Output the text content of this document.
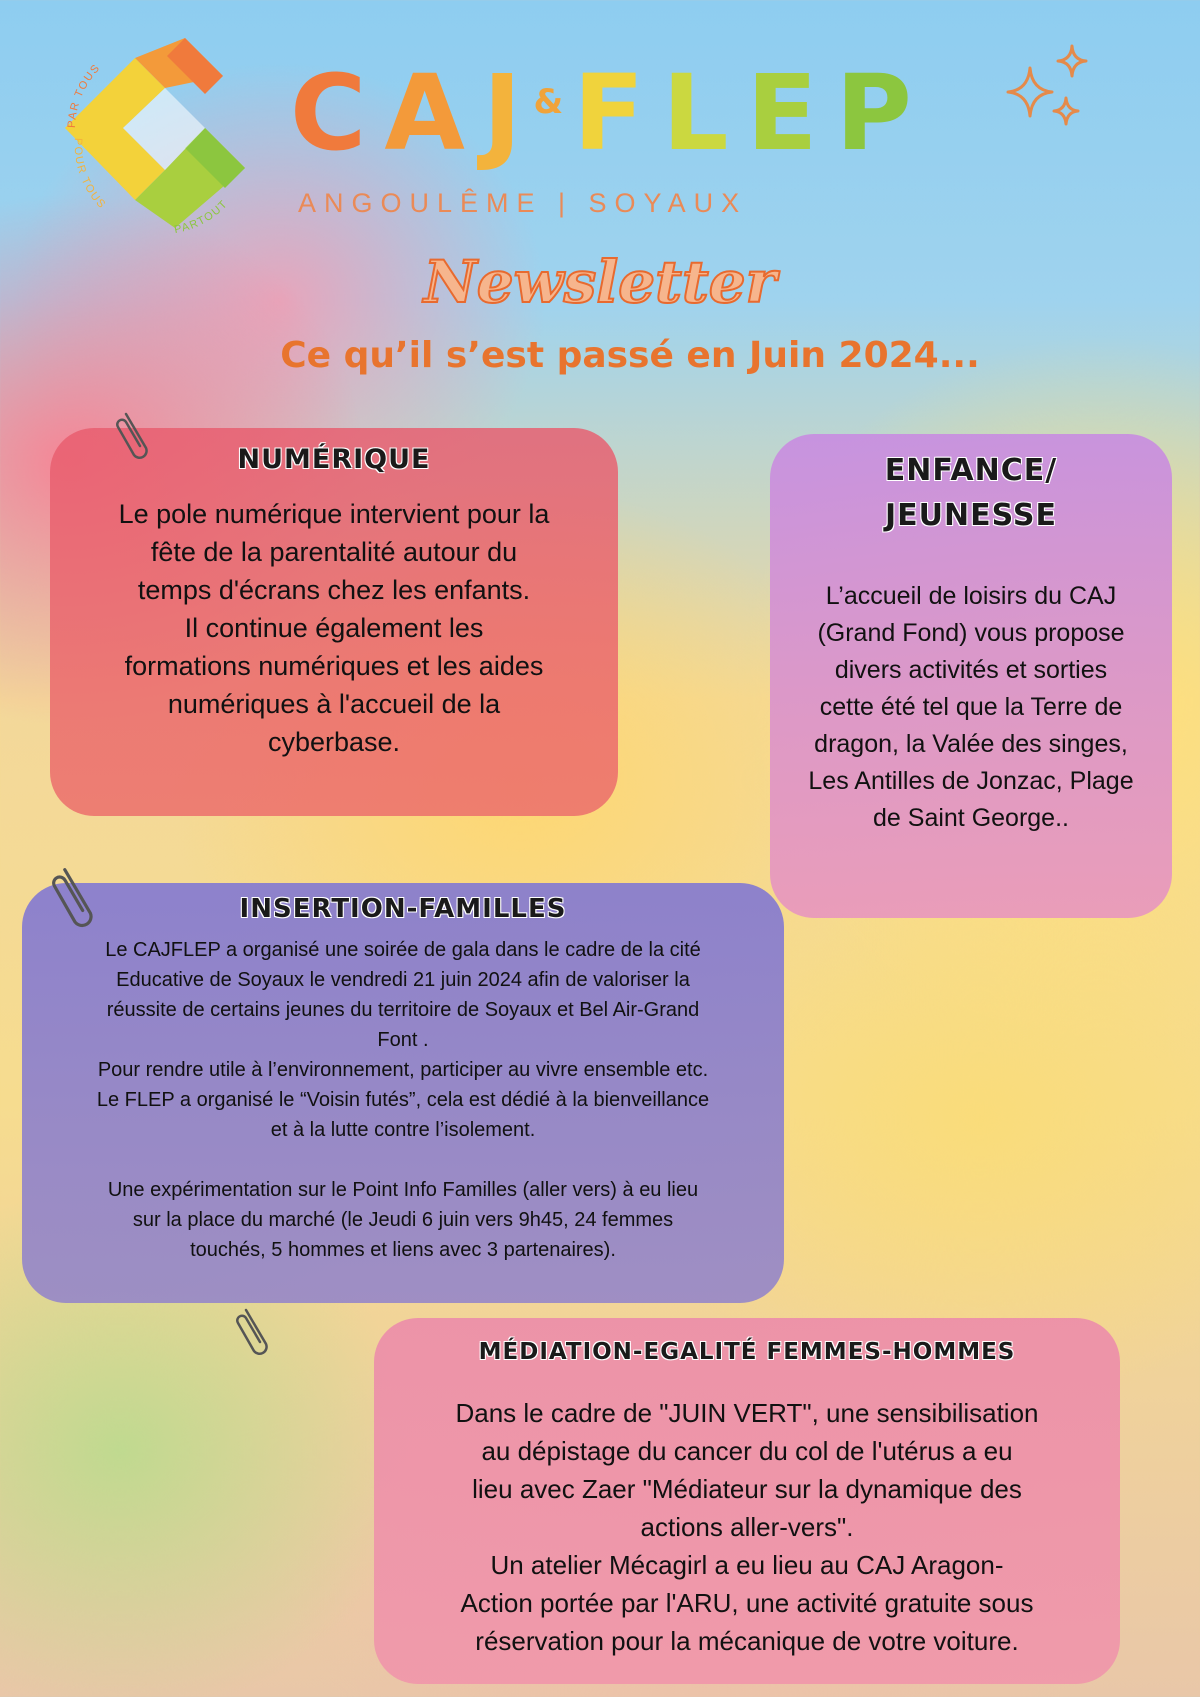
PAR TOUS
POUR TOUS
PARTOUT
C A J
& F L E P
ANGOULÊME | SOYAUX
Newsletter
Ce qu’il s’est passé en Juin 2024...
NUMÉRIQUE

Le pole numérique intervient pour la
fête de la parentalité autour du
temps d'écrans chez les enfants.
Il continue également les
formations numériques et les aides
numériques à l'accueil de la
cyberbase.

ENFANCE/
JEUNESSE

L’accueil de loisirs du CAJ
(Grand Fond) vous propose
divers activités et sorties
cette été tel que la Terre de
dragon, la Valée des singes,
Les Antilles de Jonzac, Plage
de Saint George..

INSERTION-FAMILLES

Le CAJFLEP a organisé une soirée de gala dans le cadre de la cité
Educative de Soyaux le vendredi 21 juin 2024 afin de valoriser la
réussite de certains jeunes du territoire de Soyaux et Bel Air-Grand
Font .
Pour rendre utile à l’environnement, participer au vivre ensemble etc.
Le FLEP a organisé le “Voisin futés”, cela est dédié à la bienveillance
et à la lutte contre l’isolement.

Une expérimentation sur le Point Info Familles (aller vers) à eu lieu
sur la place du marché (le Jeudi 6 juin vers 9h45, 24 femmes
touchés, 5 hommes et liens avec 3 partenaires).

MÉDIATION-EGALITÉ FEMMES-HOMMES

Dans le cadre de "JUIN VERT", une sensibilisation
au dépistage du cancer du col de l'utérus a eu
lieu avec Zaer "Médiateur sur la dynamique des
actions aller-vers".
Un atelier Mécagirl a eu lieu au CAJ Aragon-
Action portée par l'ARU, une activité gratuite sous
réservation pour la mécanique de votre voiture.
